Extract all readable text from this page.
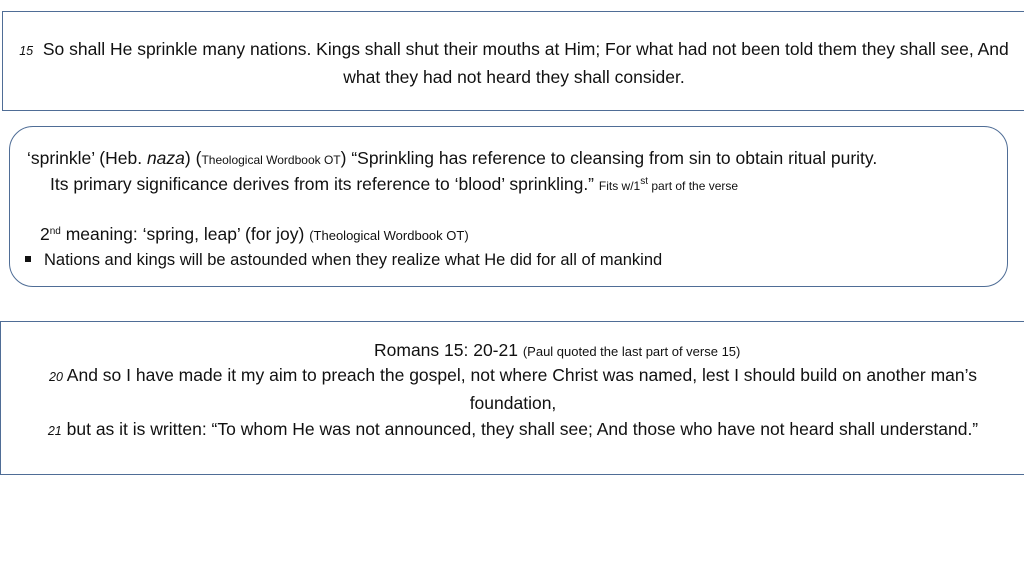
15 So shall He sprinkle many nations. Kings shall shut their mouths at Him; For what had not been told them they shall see, And what they had not heard they shall consider.
‘sprinkle’ (Heb. naza) (Theological Wordbook OT) “Sprinkling has reference to cleansing from sin to obtain ritual purity.
Its primary significance derives from its reference to ‘blood’ sprinkling.” Fits w/1st part of the verse
2nd meaning: ‘spring, leap’ (for joy) (Theological Wordbook OT)
Nations and kings will be astounded when they realize what He did for all of mankind
Romans 15: 20-21 (Paul quoted the last part of verse 15)
20 And so I have made it my aim to preach the gospel, not where Christ was named, lest I should build on another man’s foundation,
21 but as it is written: “To whom He was not announced, they shall see; And those who have not heard shall understand.”
